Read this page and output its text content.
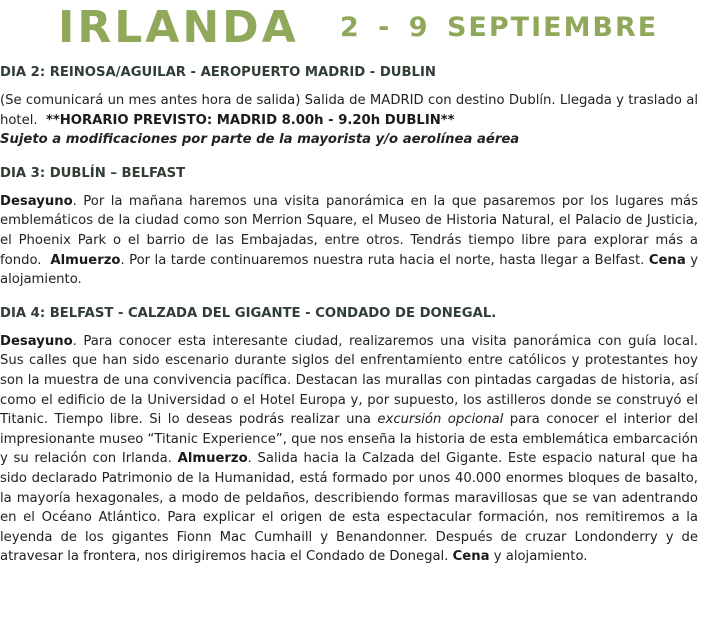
IRLANDA 2 - 9 SEPTIEMBRE
DIA 2: REINOSA/AGUILAR - AEROPUERTO MADRID - DUBLIN
(Se comunicará un mes antes hora de salida) Salida de MADRID con destino Dublín. Llegada y traslado al hotel. **HORARIO PREVISTO: MADRID 8.00h - 9.20h DUBLIN**
Sujeto a modificaciones por parte de la mayorista y/o aerolínea aérea
DIA 3: DUBLÍN – BELFAST
Desayuno. Por la mañana haremos una visita panorámica en la que pasaremos por los lugares más emblemáticos de la ciudad como son Merrion Square, el Museo de Historia Natural, el Palacio de Justicia, el Phoenix Park o el barrio de las Embajadas, entre otros. Tendrás tiempo libre para explorar más a fondo. Almuerzo. Por la tarde continuaremos nuestra ruta hacia el norte, hasta llegar a Belfast. Cena y alojamiento.
DIA 4: BELFAST - CALZADA DEL GIGANTE - CONDADO DE DONEGAL.
Desayuno. Para conocer esta interesante ciudad, realizaremos una visita panorámica con guía local. Sus calles que han sido escenario durante siglos del enfrentamiento entre católicos y protestantes hoy son la muestra de una convivencia pacífica. Destacan las murallas con pintadas cargadas de historia, así como el edificio de la Universidad o el Hotel Europa y, por supuesto, los astilleros donde se construyó el Titanic. Tiempo libre. Si lo deseas podrás realizar una excursión opcional para conocer el interior del impresionante museo “Titanic Experience”, que nos enseña la historia de esta emblemática embarcación y su relación con Irlanda. Almuerzo. Salida hacia la Calzada del Gigante. Este espacio natural que ha sido declarado Patrimonio de la Humanidad, está formado por unos 40.000 enormes bloques de basalto, la mayoría hexagonales, a modo de peldaños, describiendo formas maravillosas que se van adentrando en el Océano Atlántico. Para explicar el origen de esta espectacular formación, nos remitiremos a la leyenda de los gigantes Fionn Mac Cumhaill y Benandonner. Después de cruzar Londonderry y de atravesar la frontera, nos dirigiremos hacia el Condado de Donegal. Cena y alojamiento.
